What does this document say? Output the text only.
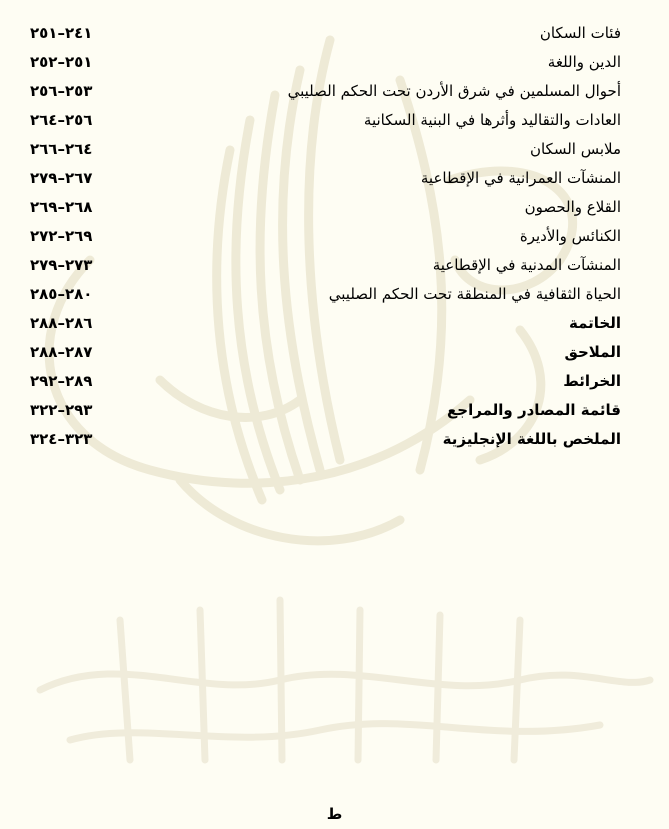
فئات السكان
٢٤١–٢٥١
الدين واللغة
٢٥١–٢٥٢
أحوال المسلمين في شرق الأردن تحت الحكم الصليبي
٢٥٣–٢٥٦
العادات والتقاليد وأثرها في البنية السكانية
٢٥٦–٢٦٤
ملابس السكان
٢٦٤–٢٦٦
المنشآت العمرانية في الإقطاعية
٢٦٧–٢٧٩
القلاع والحصون
٢٦٨–٢٦٩
الكنائس والأديرة
٢٦٩–٢٧٢
المنشآت المدنية في الإقطاعية
٢٧٣–٢٧٩
الحياة الثقافية في المنطقة تحت الحكم الصليبي
٢٨٠–٢٨٥
الخاتمة
٢٨٦–٢٨٨
الملاحق
٢٨٧–٢٨٨
الخرائط
٢٨٩–٢٩٢
قائمة المصادر والمراجع
٢٩٣–٣٢٢
الملخص باللغة الإنجليزية
٣٢٣–٣٢٤
ط
